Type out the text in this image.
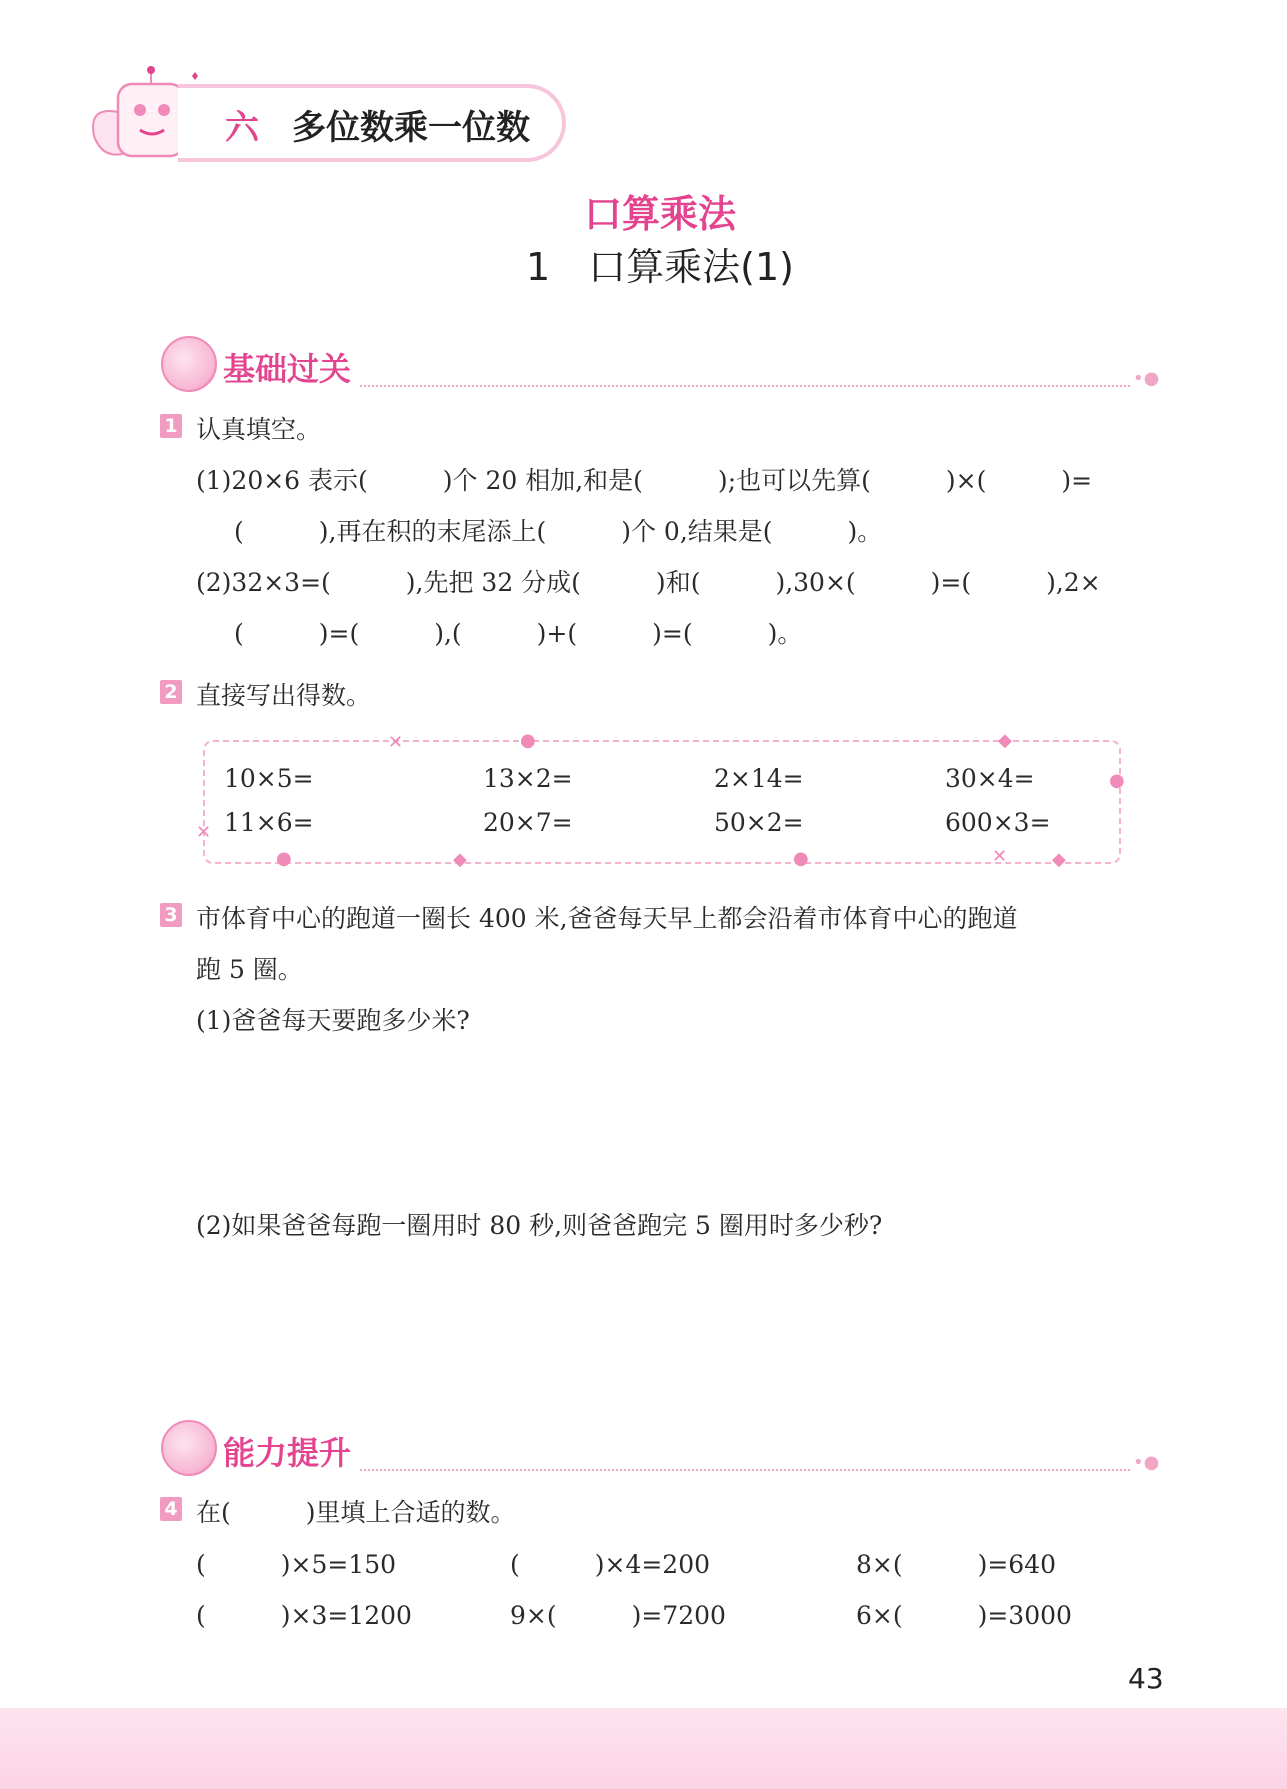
六 多位数乘一位数
口算乘法
1　口算乘法(1)
基础过关	•●
1 认真填空。
(1)20×6 表示(　　　)个 20 相加,和是(　　　);也可以先算(　　　)×(　　　)=
(　　　),再在积的末尾添上(　　　)个 0,结果是(　　　)。
(2)32×3=(　　　),先把 32 分成(　　　)和(　　　),30×(　　　)=(　　　),2×
(　　　)=(　　　),(　　　)+(　　　)=(　　　)。
2 直接写出得数。
✕
✕
✕
●
●
●	●
◆
◆	◆
10×5=	13×2=	2×14=	30×4=
11×6=	20×7=	50×2=	600×3=
3 市体育中心的跑道一圈长 400 米,爸爸每天早上都会沿着市体育中心的跑道
跑 5 圈。
(1)爸爸每天要跑多少米?
(2)如果爸爸每跑一圈用时 80 秒,则爸爸跑完 5 圈用时多少秒?
能力提升	•●
4 在(　　　)里填上合适的数。
(　　　)×5=150	(　　　)×4=200	8×(　　　)=640
(　　　)×3=1200	9×(　　　)=7200	6×(　　　)=3000
43
